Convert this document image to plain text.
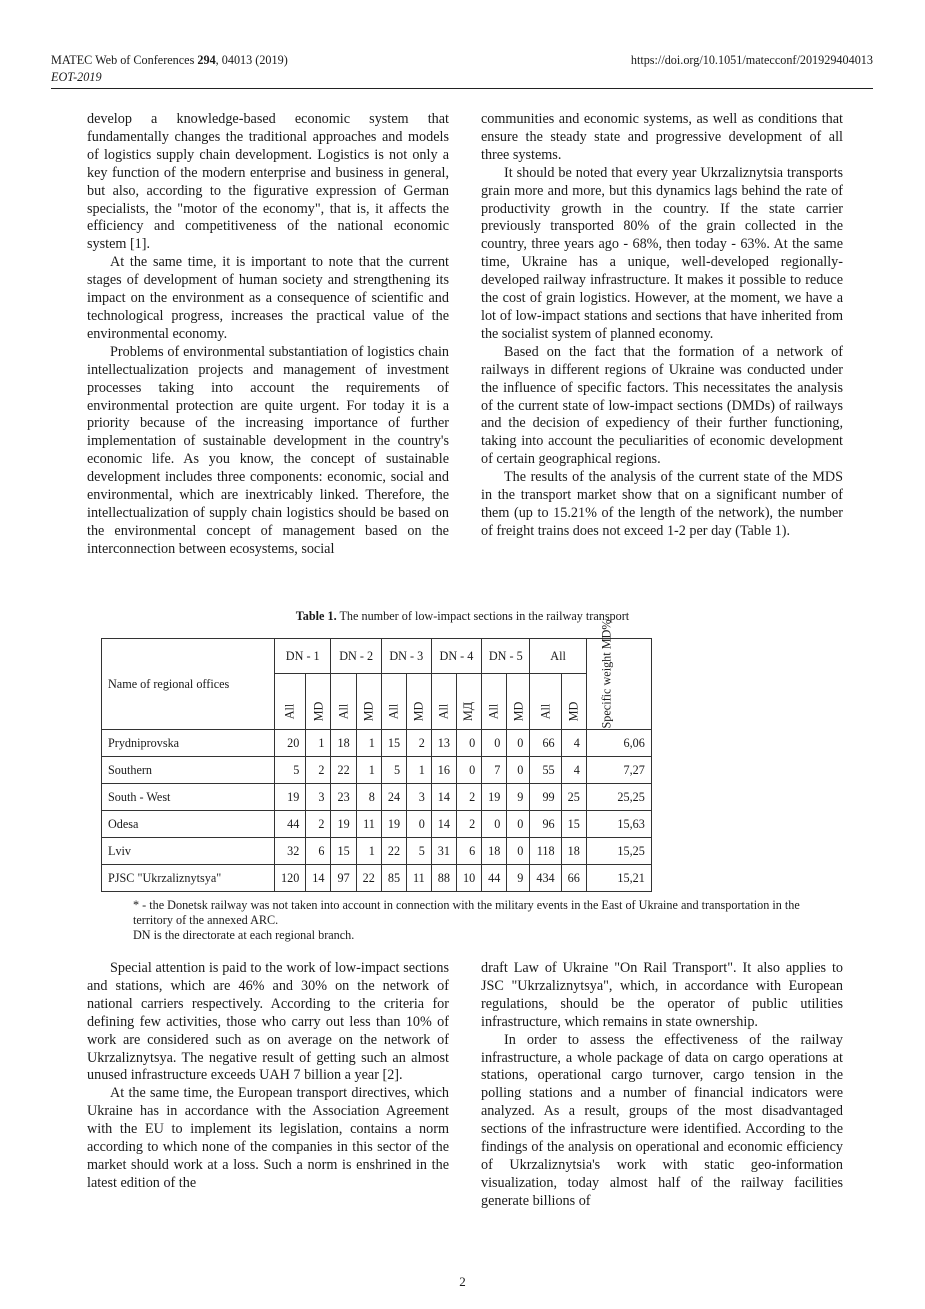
MATEC Web of Conferences 294, 04013 (2019)	https://doi.org/10.1051/matecconf/201929404013
EOT-2019

develop a knowledge-based economic system that fundamentally changes the traditional approaches and models of logistics supply chain development. Logistics is not only a key function of the modern enterprise and business in general, but also, according to the figurative expression of German specialists, the "motor of the economy", that is, it affects the efficiency and competitiveness of the national economic system [1].

At the same time, it is important to note that the current stages of development of human society and strengthening its impact on the environment as a consequence of scientific and technological progress, increases the practical value of the environmental economy.

Problems of environmental substantiation of logistics chain intellectualization projects and management of investment processes taking into account the requirements of environmental protection are quite urgent. For today it is a priority because of the increasing importance of further implementation of sustainable development in the country's economic life. As you know, the concept of sustainable development includes three components: economic, social and environmental, which are inextricably linked. Therefore, the intellectualization of supply chain logistics should be based on the environmental concept of management based on the interconnection between ecosystems, social

communities and economic systems, as well as conditions that ensure the steady state and progressive development of all three systems.

It should be noted that every year Ukrzaliznytsia transports grain more and more, but this dynamics lags behind the rate of productivity growth in the country. If the state carrier previously transported 80% of the grain collected in the country, three years ago - 68%, then today - 63%. At the same time, Ukraine has a unique, well-developed regionally-developed railway infrastructure. It makes it possible to reduce the cost of grain logistics. However, at the moment, we have a lot of low-impact stations and sections that have inherited from the socialist system of planned economy.

Based on the fact that the formation of a network of railways in different regions of Ukraine was conducted under the influence of specific factors. This necessitates the analysis of the current state of low-impact sections (DMDs) of railways and the decision of expediency of their further functioning, taking into account the peculiarities of economic development of certain geographical regions.

The results of the analysis of the current state of the MDS in the transport market show that on a significant number of them (up to 15.21% of the length of the network), the number of freight trains does not exceed 1-2 per day (Table 1).

Table 1. The number of low-impact sections in the railway transport
Name of regional offices	DN - 1		DN - 2		DN - 3		DN - 4		DN - 5		All		Specific weight MD%

	All	MD	All	MD	All	MD	All	МД	All	MD	All	MD	
Prydniprovska	20	1	18	1	15	2	13	0	0	0	66	4	6,06
Southern	5	2	22	1	5	1	16	0	7	0	55	4	7,27
South - West	19	3	23	8	24	3	14	2	19	9	99	25	25,25
Odesa	44	2	19	11	19	0	14	2	0	0	96	15	15,63
Lviv	32	6	15	1	22	5	31	6	18	0	118	18	15,25
PJSC "Ukrzaliznytsya"	120	14	97	22	85	11	88	10	44	9	434	66	15,21
* - the Donetsk railway was not taken into account in connection with the military events in the East of Ukraine and transportation in the territory of the annexed ARC.
DN is the directorate at each regional branch.

Special attention is paid to the work of low-impact sections and stations, which are 46% and 30% on the network of national carriers respectively. According to the criteria for defining few activities, those who carry out less than 10% of work are considered such as on average on the network of Ukrzaliznytsya. The negative result of getting such an almost unused infrastructure exceeds UAH 7 billion a year [2].

At the same time, the European transport directives, which Ukraine has in accordance with the Association Agreement with the EU to implement its legislation, contains a norm according to which none of the companies in this sector of the market should work at a loss. Such a norm is enshrined in the latest edition of the

draft Law of Ukraine "On Rail Transport". It also applies to JSC "Ukrzaliznytsya", which, in accordance with European regulations, should be the operator of public utilities infrastructure, which remains in state ownership.

In order to assess the effectiveness of the railway infrastructure, a whole package of data on cargo operations at stations, operational cargo turnover, cargo tension in the polling stations and a number of financial indicators were analyzed. As a result, groups of the most disadvantaged sections of the infrastructure were identified. According to the findings of the analysis on operational and economic efficiency of Ukrzaliznytsia's work with static geo-information visualization, today almost half of the railway facilities generate billions of

2
